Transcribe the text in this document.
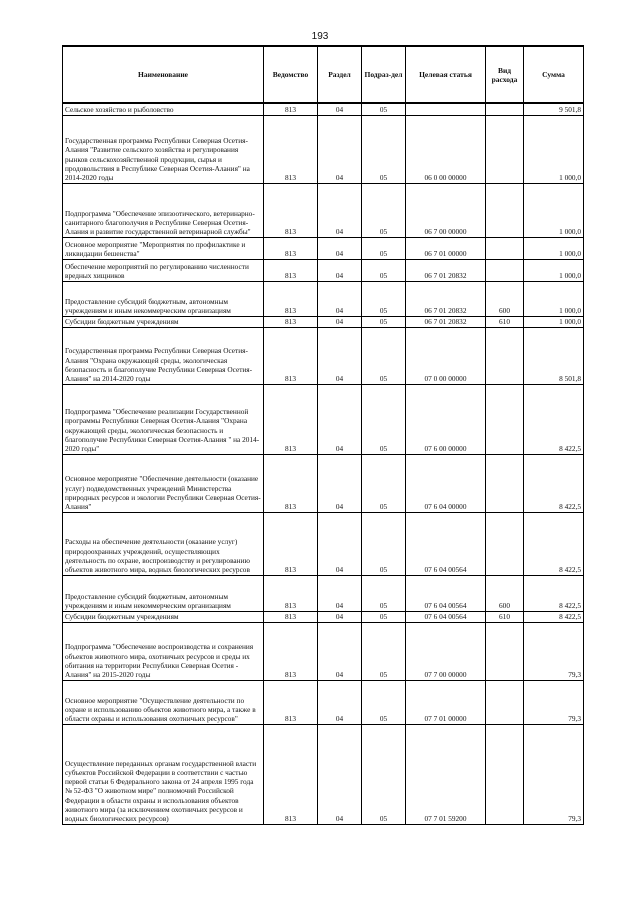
193
Наименование	Ведомство	Раздел	Подраз-дел	Целевая статья	Вид расхода	Сумма
Сельское хозяйство и рыболовство	813	04	05			9 501,8
Государственная программа Республики Северная Осетия-Алания "Развитие сельского хозяйства и регулирования рынков сельскохозяйственной продукции, сырья и продовольствия в Республике Северная Осетия-Алания" на 2014-2020 годы	813	04	05	06 0 00 00000		1 000,0
Подпрограмма "Обеспечение эпизоотического, ветеринарно-санитарного благополучия в Республике Северная Осетия-Алания и развитие государственной ветеринарной службы"	813	04	05	06 7 00 00000		1 000,0
Основное мероприятие "Мероприятия по профилактике и ликвидации бешенства"	813	04	05	06 7 01 00000		1 000,0
Обеспечение мероприятий по регулированию численности вредных хищников	813	04	05	06 7 01 20832		1 000,0
Предоставление субсидий бюджетным, автономным учреждениям и иным некоммерческим организациям	813	04	05	06 7 01 20832	600	1 000,0
Субсидии бюджетным учреждениям	813	04	05	06 7 01 20832	610	1 000,0
Государственная программа Республики Северная Осетия-Алания "Охрана окружающей среды, экологическая безопасность и благополучие Республики Северная Осетия-Алания" на 2014-2020 годы	813	04	05	07 0 00 00000		8 501,8
Подпрограмма "Обеспечение реализации Государственной программы Республики Северная Осетия-Алания "Охрана окружающей среды, экологическая безопасность и благополучие Республики Северная Осетия-Алания " на 2014-2020 годы"	813	04	05	07 6 00 00000		8 422,5
Основное мероприятие "Обеспечение деятельности (оказание услуг) подведомственных учреждений Министерства природных ресурсов и экологии Республики Северная Осетия-Алания"	813	04	05	07 6 04 00000		8 422,5
Расходы на обеспечение деятельности (оказание услуг) природоохранных учреждений, осуществляющих деятельность по охране, воспроизводству и регулированию объектов животного мира, водных биологических ресурсов	813	04	05	07 6 04 00564		8 422,5
Предоставление субсидий бюджетным, автономным учреждениям и иным некоммерческим организациям	813	04	05	07 6 04 00564	600	8 422,5
Субсидии бюджетным учреждениям	813	04	05	07 6 04 00564	610	8 422,5
Подпрограмма "Обеспечение воспроизводства и сохранения объектов животного мира, охотничьих ресурсов и среды их обитания на территории Республики Северная Осетия - Алания" на 2015-2020 годы	813	04	05	07 7 00 00000		79,3
Основное мероприятие "Осуществление деятельности по охране и использованию объектов животного мира, а также в области охраны и использования охотничьих ресурсов"	813	04	05	07 7 01 00000		79,3
Осуществление переданных органам государственной власти субъектов Российской Федерации в соответствии с частью первой статьи 6 Федерального закона от 24 апреля 1995 года № 52-ФЗ "О животном мире" полномочий Российской Федерации в области охраны и использования объектов животного мира (за исключением охотничьих ресурсов и водных биологических ресурсов)	813	04	05	07 7 01 59200		79,3
